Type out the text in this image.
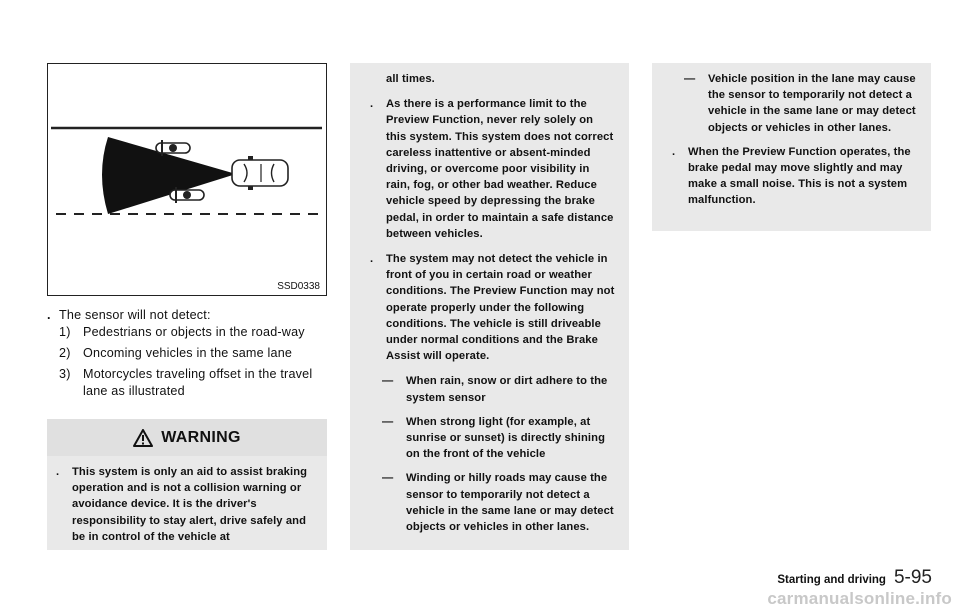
SSD0338
. The sensor will not detect:
1) Pedestrians or objects in the road-way
2) Oncoming vehicles in the same lane
3) Motorcycles traveling offset in the travel lane as illustrated
WARNING
. This system is only an aid to assist braking operation and is not a collision warning or avoidance device. It is the driver's responsibility to stay alert, drive safely and be in control of the vehicle at
all times.
. As there is a performance limit to the Preview Function, never rely solely on this system. This system does not correct careless inattentive or absent-minded driving, or overcome poor visibility in rain, fog, or other bad weather. Reduce vehicle speed by depressing the brake pedal, in order to maintain a safe distance between vehicles.
. The system may not detect the vehicle in front of you in certain road or weather conditions. The Preview Function may not operate properly under the following conditions. The vehicle is still driveable under normal conditions and the Brake Assist will operate.
— When rain, snow or dirt adhere to the system sensor
— When strong light (for example, at sunrise or sunset) is directly shining on the front of the vehicle
— Winding or hilly roads may cause the sensor to temporarily not detect a vehicle in the same lane or may detect objects or vehicles in other lanes.
— Vehicle position in the lane may cause the sensor to temporarily not detect a vehicle in the same lane or may detect objects or vehicles in other lanes.
. When the Preview Function operates, the brake pedal may move slightly and may make a small noise. This is not a system malfunction.
Starting and driving 5-95
carmanualsonline.info
